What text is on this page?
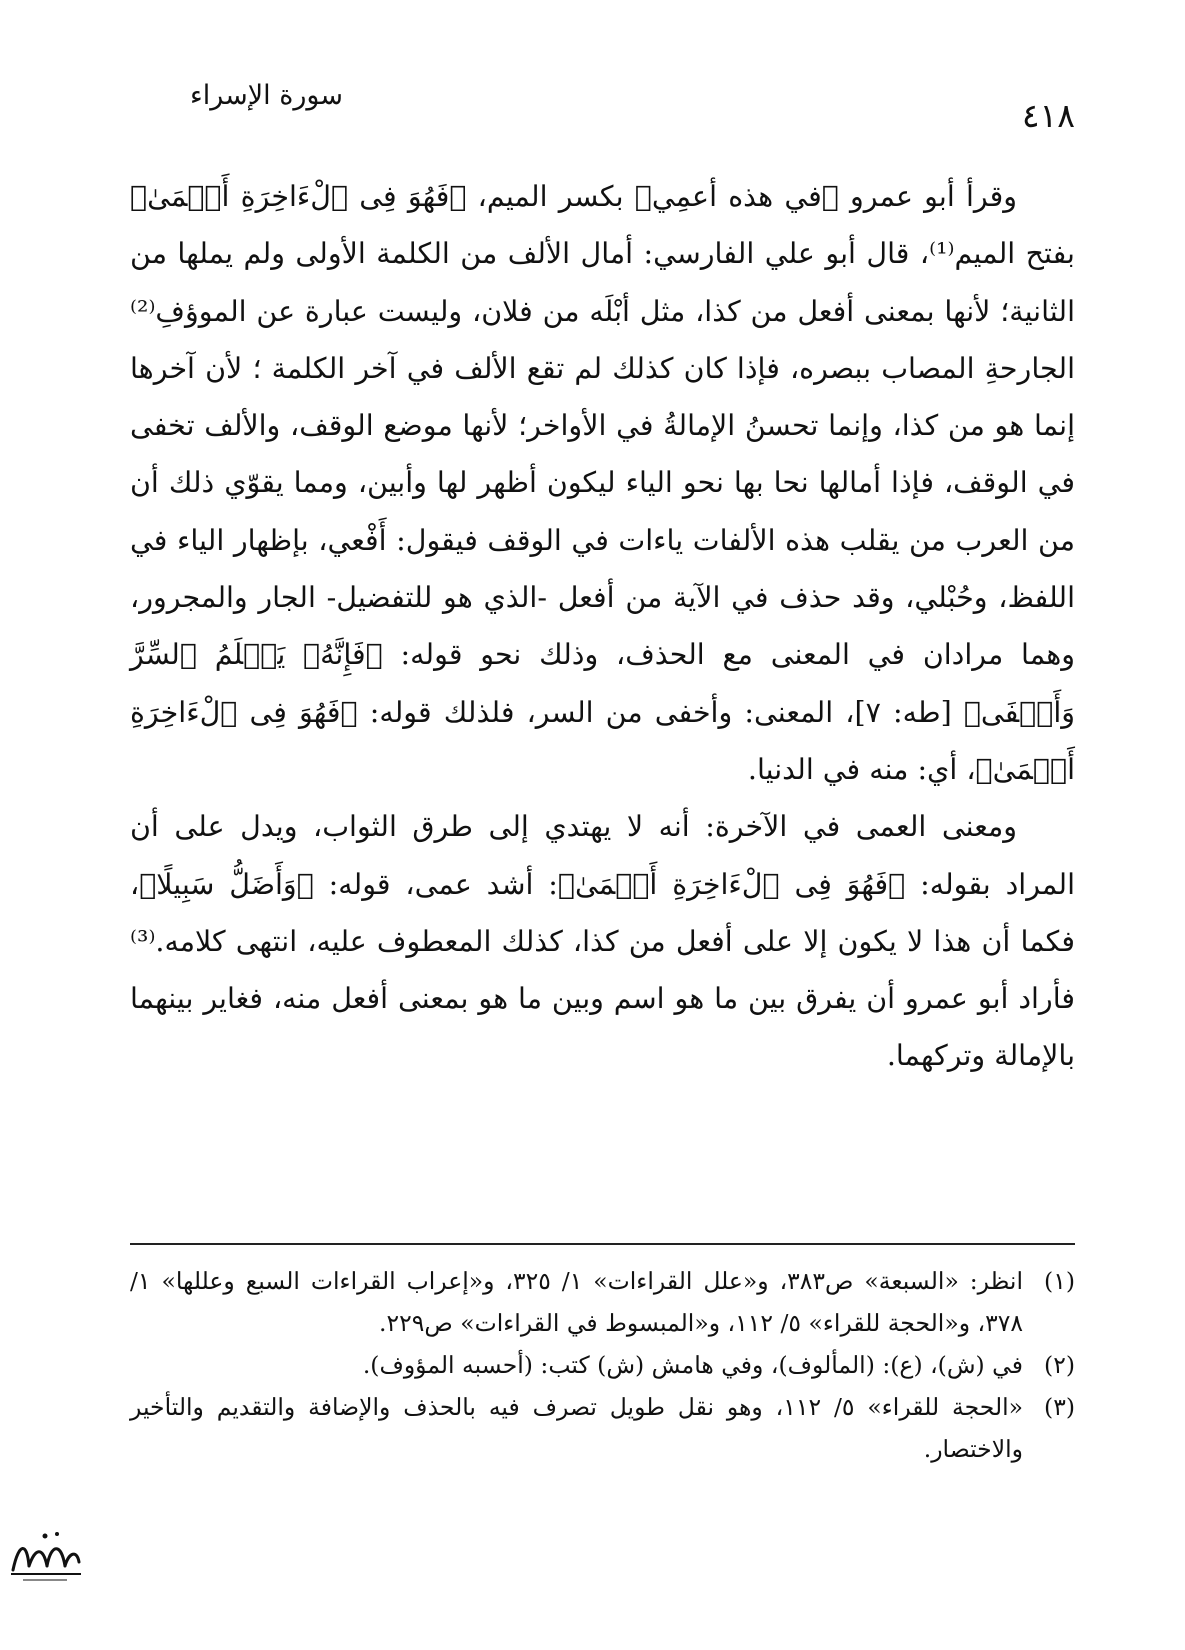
٤١٨
سورة الإسراء

وقرأ أبو عمرو ﴿في هذه أعمِي﴾ بكسر الميم، ﴿فَهُوَ فِى ٱلْءَاخِرَةِ أَعۡمَىٰ﴾ بفتح الميم⁽¹⁾، قال أبو علي الفارسي: أمال الألف من الكلمة الأولى ولم يملها من الثانية؛ لأنها بمعنى أفعل من كذا، مثل أبْلَه من فلان، وليست عبارة عن الموؤفِ⁽²⁾ الجارحةِ المصاب ببصره، فإذا كان كذلك لم تقع الألف في آخر الكلمة ؛ لأن آخرها إنما هو من كذا، وإنما تحسنُ الإمالةُ في الأواخر؛ لأنها موضع الوقف، والألف تخفى في الوقف، فإذا أمالها نحا بها نحو الياء ليكون أظهر لها وأبين، ومما يقوّي ذلك أن من العرب من يقلب هذه الألفات ياءات في الوقف فيقول: أَفْعي، بإظهار الياء في اللفظ، وحُبْلي، وقد حذف في الآية من أفعل -الذي هو للتفضيل- الجار والمجرور، وهما مرادان في المعنى مع الحذف، وذلك نحو قوله: ﴿فَإِنَّهُۥ يَعۡلَمُ ٱلسِّرَّ وَأَخۡفَى﴾ [طه: ٧]، المعنى: وأخفى من السر، فلذلك قوله: ﴿فَهُوَ فِى ٱلْءَاخِرَةِ أَعۡمَىٰ﴾، أي: منه في الدنيا.

ومعنى العمى في الآخرة: أنه لا يهتدي إلى طرق الثواب، ويدل على أن المراد بقوله: ﴿فَهُوَ فِى ٱلْءَاخِرَةِ أَعۡمَىٰ﴾: أشد عمى، قوله: ﴿وَأَضَلُّ سَبِيلًا﴾، فكما أن هذا لا يكون إلا على أفعل من كذا، كذلك المعطوف عليه، انتهى كلامه.⁽³⁾ فأراد أبو عمرو أن يفرق بين ما هو اسم وبين ما هو بمعنى أفعل منه، فغاير بينهما بالإمالة وتركهما.

(١)
انظر: «السبعة» ص٣٨٣، و«علل القراءات» ١/ ٣٢٥، و«إعراب القراءات السبع وعللها» ١/ ٣٧٨، و«الحجة للقراء» ٥/ ١١٢، و«المبسوط في القراءات» ص٢٢٩.
(٢)
في (ش)، (ع): (المألوف)، وفي هامش (ش) كتب: (أحسبه المؤوف).
(٣)
«الحجة للقراء» ٥/ ١١٢، وهو نقل طويل تصرف فيه بالحذف والإضافة والتقديم والتأخير والاختصار.
